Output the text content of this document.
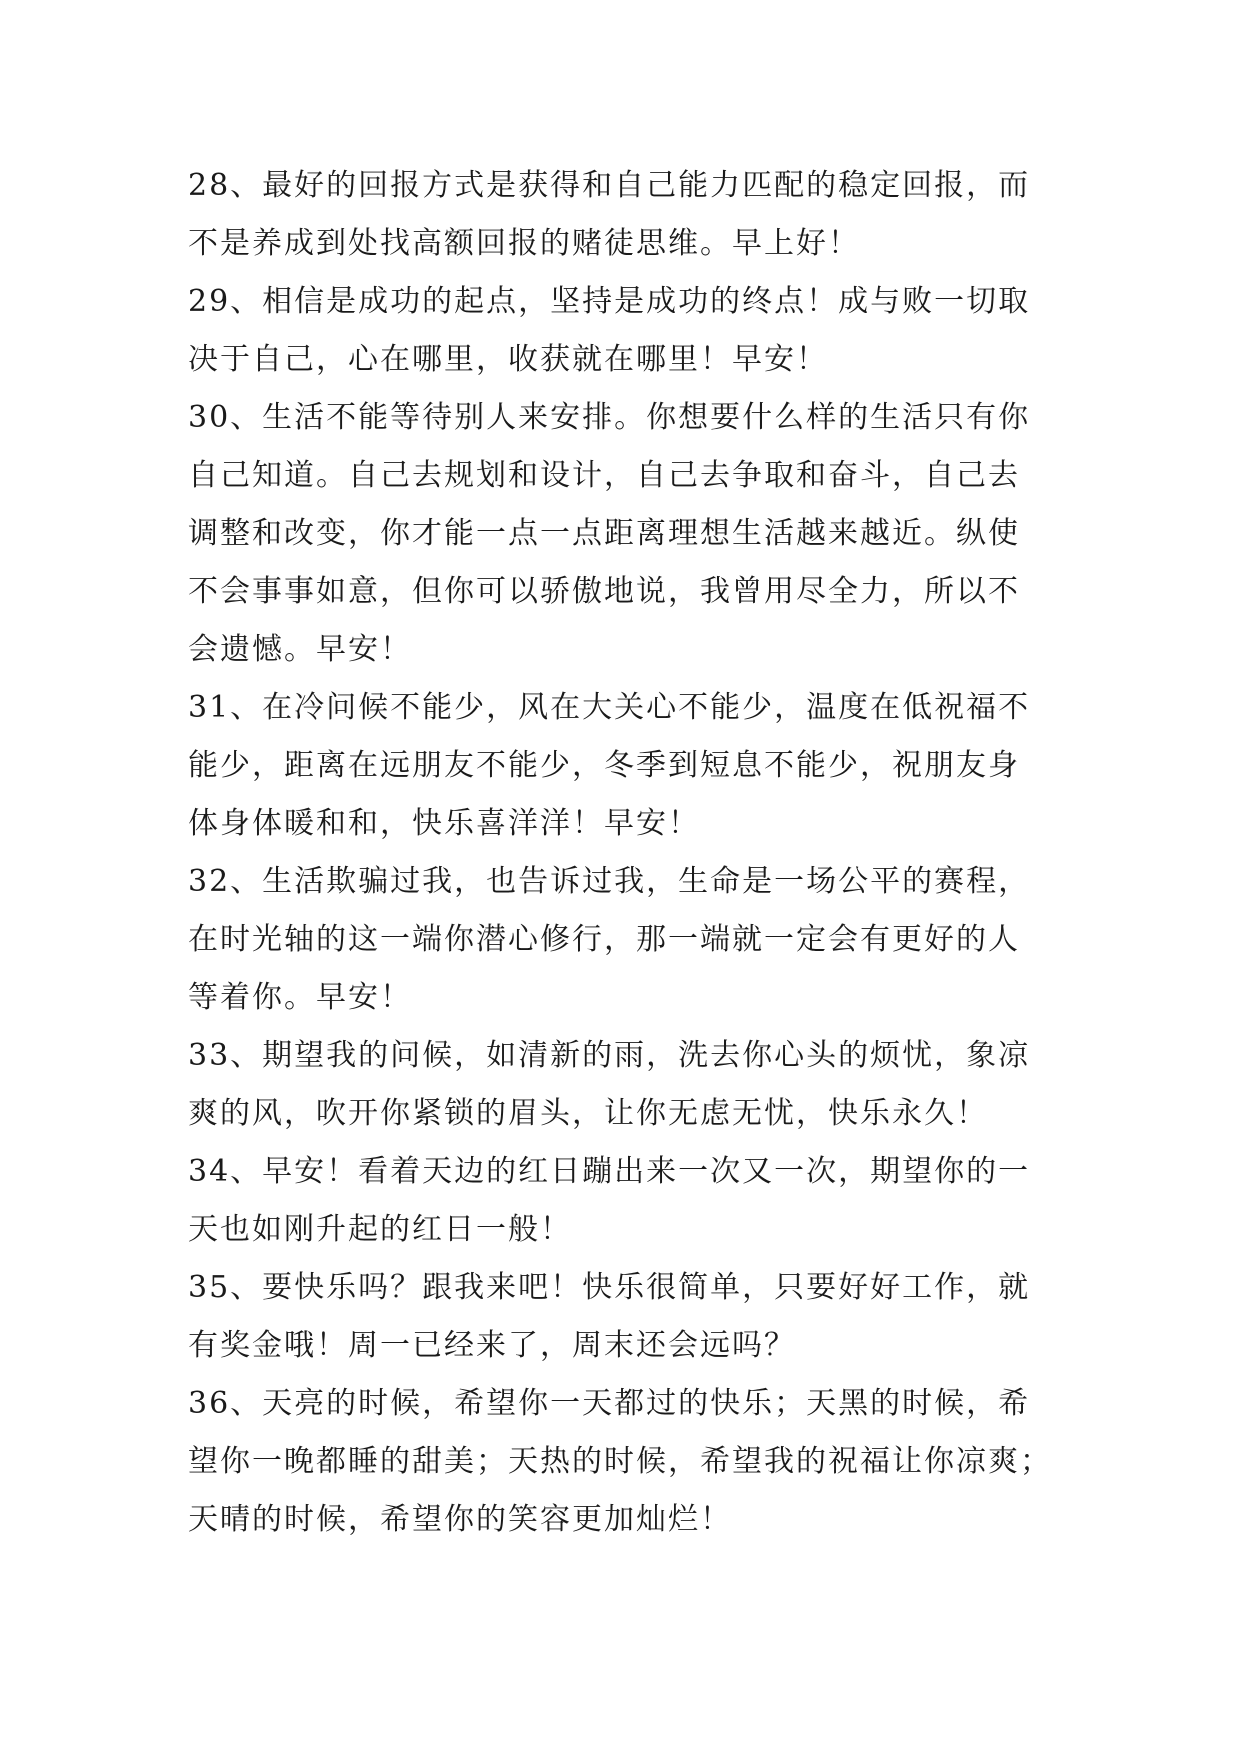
28、最好的回报方式是获得和自己能力匹配的稳定回报，而
不是养成到处找高额回报的赌徒思维。早上好！
29、相信是成功的起点，坚持是成功的终点！成与败一切取
决于自己，心在哪里，收获就在哪里！早安！
30、生活不能等待别人来安排。你想要什么样的生活只有你
自己知道。自己去规划和设计，自己去争取和奋斗，自己去
调整和改变，你才能一点一点距离理想生活越来越近。纵使
不会事事如意，但你可以骄傲地说，我曾用尽全力，所以不
会遗憾。早安！
31、在冷问候不能少，风在大关心不能少，温度在低祝福不
能少，距离在远朋友不能少，冬季到短息不能少，祝朋友身
体身体暖和和，快乐喜洋洋！早安！
32、生活欺骗过我，也告诉过我，生命是一场公平的赛程，
在时光轴的这一端你潜心修行，那一端就一定会有更好的人
等着你。早安！
33、期望我的问候，如清新的雨，洗去你心头的烦忧，象凉
爽的风，吹开你紧锁的眉头，让你无虑无忧，快乐永久！
34、早安！看着天边的红日蹦出来一次又一次，期望你的一
天也如刚升起的红日一般！
35、要快乐吗？跟我来吧！快乐很简单，只要好好工作，就
有奖金哦！周一已经来了，周末还会远吗？
36、天亮的时候，希望你一天都过的快乐；天黑的时候，希
望你一晚都睡的甜美；天热的时候，希望我的祝福让你凉爽；
天晴的时候，希望你的笑容更加灿烂！
